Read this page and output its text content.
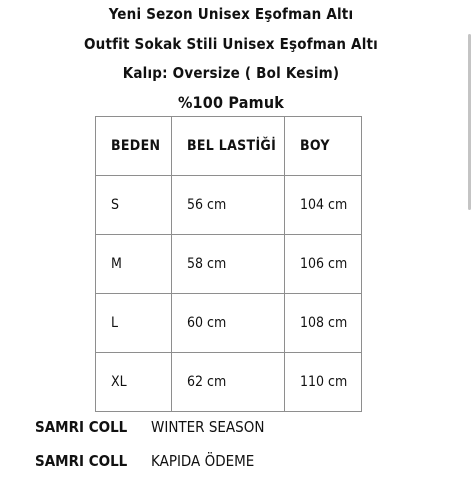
Yeni Sezon Unisex Eşofman Altı
Outfit Sokak Stili Unisex Eşofman Altı
Kalıp: Oversize ( Bol Kesim)
%100 Pamuk
BEDEN	BEL LASTİĞİ	BOY
S	56 cm	104 cm
M	58 cm	106 cm
L	60 cm	108 cm
XL	62 cm	110 cm
SAMRI COLL WINTER SEASON
SAMRI COLL KAPIDA ÖDEME
